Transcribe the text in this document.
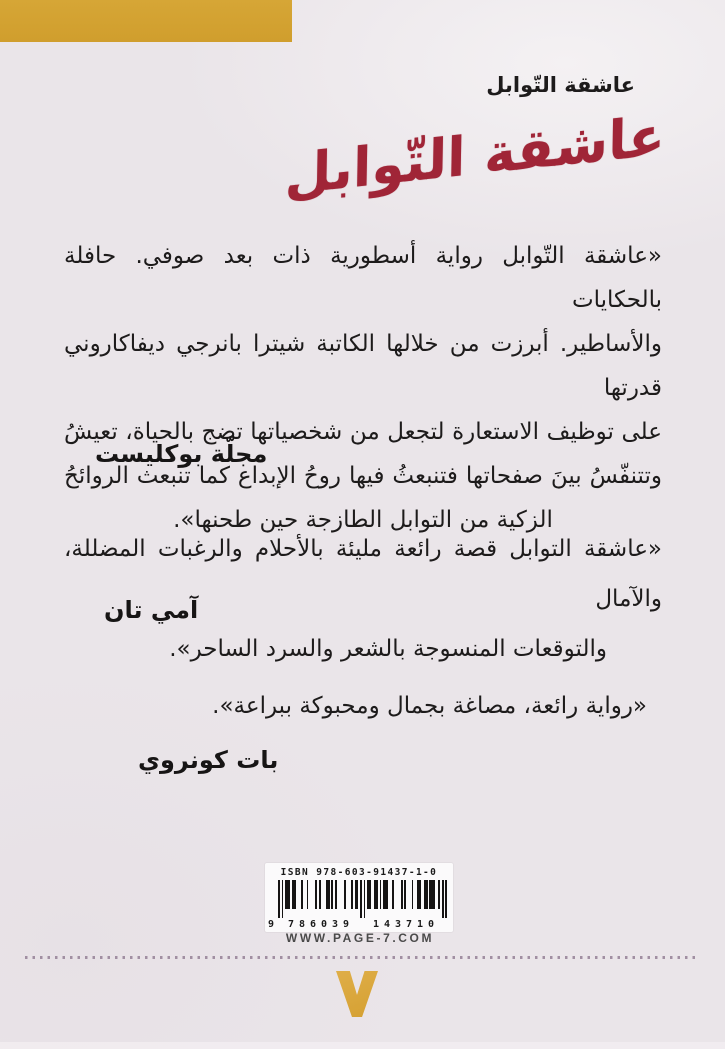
عاشقة التّوابل
عاشقة التّوابل
«عاشقة التّوابل رواية أسطورية ذات بعد صوفي. حافلة بالحكايات
والأساطير. أبرزت من خلالها الكاتبة شيترا بانرجي ديفاكاروني قدرتها
على توظيف الاستعارة لتجعل من شخصياتها تضج بالحياة، تعيشُ
وتتنفّسُ بينَ صفحاتها فتنبعثُ فيها روحُ الإبداع كما تنبعث الروائحُ
الزكية من التوابل الطازجة حين طحنها».
مجلّة بوكليست
«عاشقة التوابل قصة رائعة مليئة بالأحلام والرغبات المضللة، والآمال
والتوقعات المنسوجة بالشعر والسرد الساحر».
آمي تان
«رواية رائعة، مصاغة بجمال ومحبوكة ببراعة».
بات كونروي
ISBN 978-603-91437-1-0
9	786039	143710
WWW.PAGE-7.COM
